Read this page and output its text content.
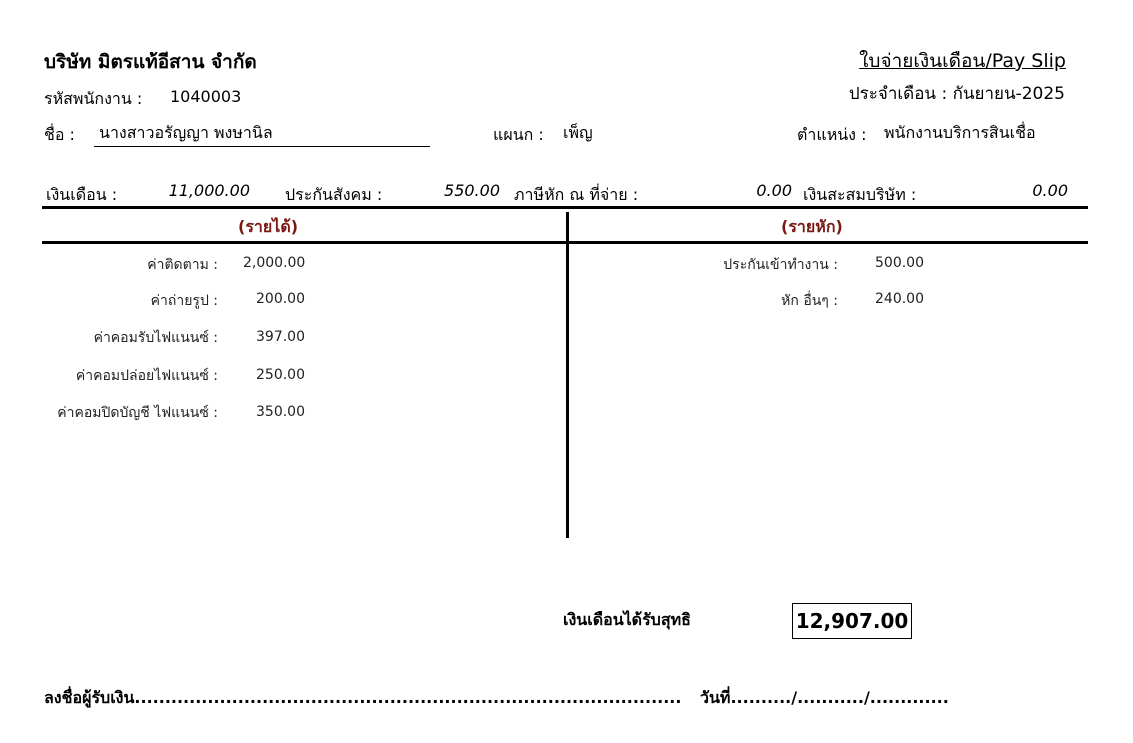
บริษัท มิตรแท้อีสาน จำกัด	ใบจ่ายเงินเดือน/Pay Slip
รหัสพนักงาน : 1040003	ประจำเดือน : กันยายน-2025
ชื่อ : นางสาวอรัญญา พงษานิล	แผนก : เพ็ญ	ตำแหน่ง : พนักงานบริการสินเชื่อ
เงินเดือน :	11,000.00 ประกันสังคม :	550.00 ภาษีหัก ณ ที่จ่าย :	0.00 เงินสะสมบริษัท :	0.00
(รายได้)	(รายหัก)
ค่าติดตาม : 2,000.00
ค่าถ่ายรูป :	200.00
ค่าคอมรับไฟแนนซ์ :	397.00
ค่าคอมปล่อยไฟแนนซ์ :	250.00
ค่าคอมปิดบัญชี ไฟแนนซ์ :	350.00
ประกันเข้าทำงาน :	500.00
หัก อื่นๆ :	240.00
เงินเดือนได้รับสุทธิ	12,907.00
ลงชื่อผู้รับเงิน.......................................................................................... วันที่........../.........../.............
